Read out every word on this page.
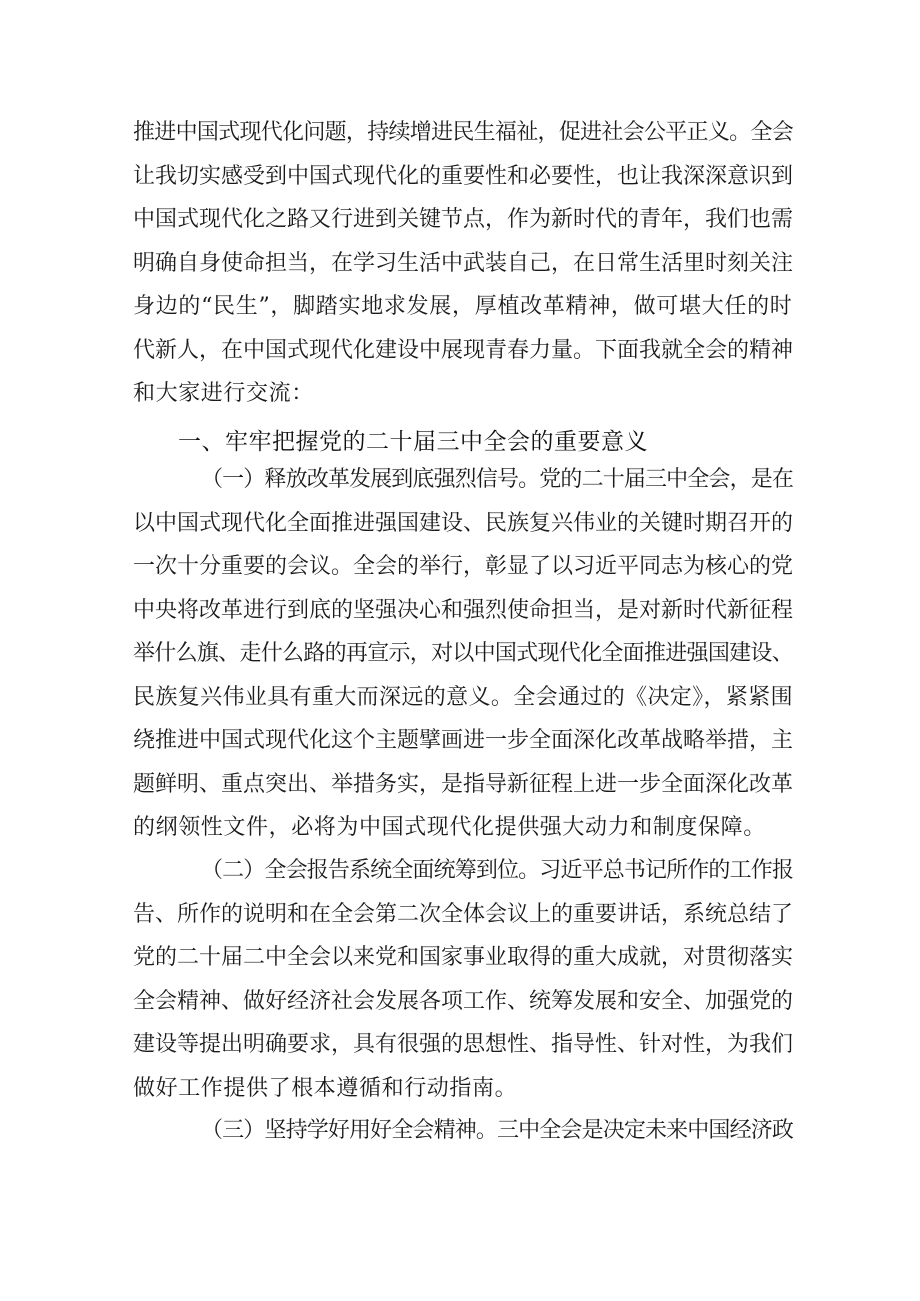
推进中国式现代化问题，持续增进民生福祉，促进社会公平正义。全会
让我切实感受到中国式现代化的重要性和必要性，也让我深深意识到
中国式现代化之路又行进到关键节点，作为新时代的青年，我们也需
明确自身使命担当，在学习生活中武装自己，在日常生活里时刻关注
身边的“民生”，脚踏实地求发展，厚植改革精神，做可堪大任的时
代新人，在中国式现代化建设中展现青春力量。下面我就全会的精神
和大家进行交流：
一、牢牢把握党的二十届三中全会的重要意义
（一）释放改革发展到底强烈信号。党的二十届三中全会，是在
以中国式现代化全面推进强国建设、民族复兴伟业的关键时期召开的
一次十分重要的会议。全会的举行，彰显了以习近平同志为核心的党
中央将改革进行到底的坚强决心和强烈使命担当，是对新时代新征程
举什么旗、走什么路的再宣示，对以中国式现代化全面推进强国建设、
民族复兴伟业具有重大而深远的意义。全会通过的《决定》，紧紧围
绕推进中国式现代化这个主题擘画进一步全面深化改革战略举措，主
题鲜明、重点突出、举措务实，是指导新征程上进一步全面深化改革
的纲领性文件，必将为中国式现代化提供强大动力和制度保障。
（二）全会报告系统全面统筹到位。习近平总书记所作的工作报
告、所作的说明和在全会第二次全体会议上的重要讲话，系统总结了
党的二十届二中全会以来党和国家事业取得的重大成就，对贯彻落实
全会精神、做好经济社会发展各项工作、统筹发展和安全、加强党的
建设等提出明确要求，具有很强的思想性、指导性、针对性，为我们
做好工作提供了根本遵循和行动指南。
（三）坚持学好用好全会精神。三中全会是决定未来中国经济政
